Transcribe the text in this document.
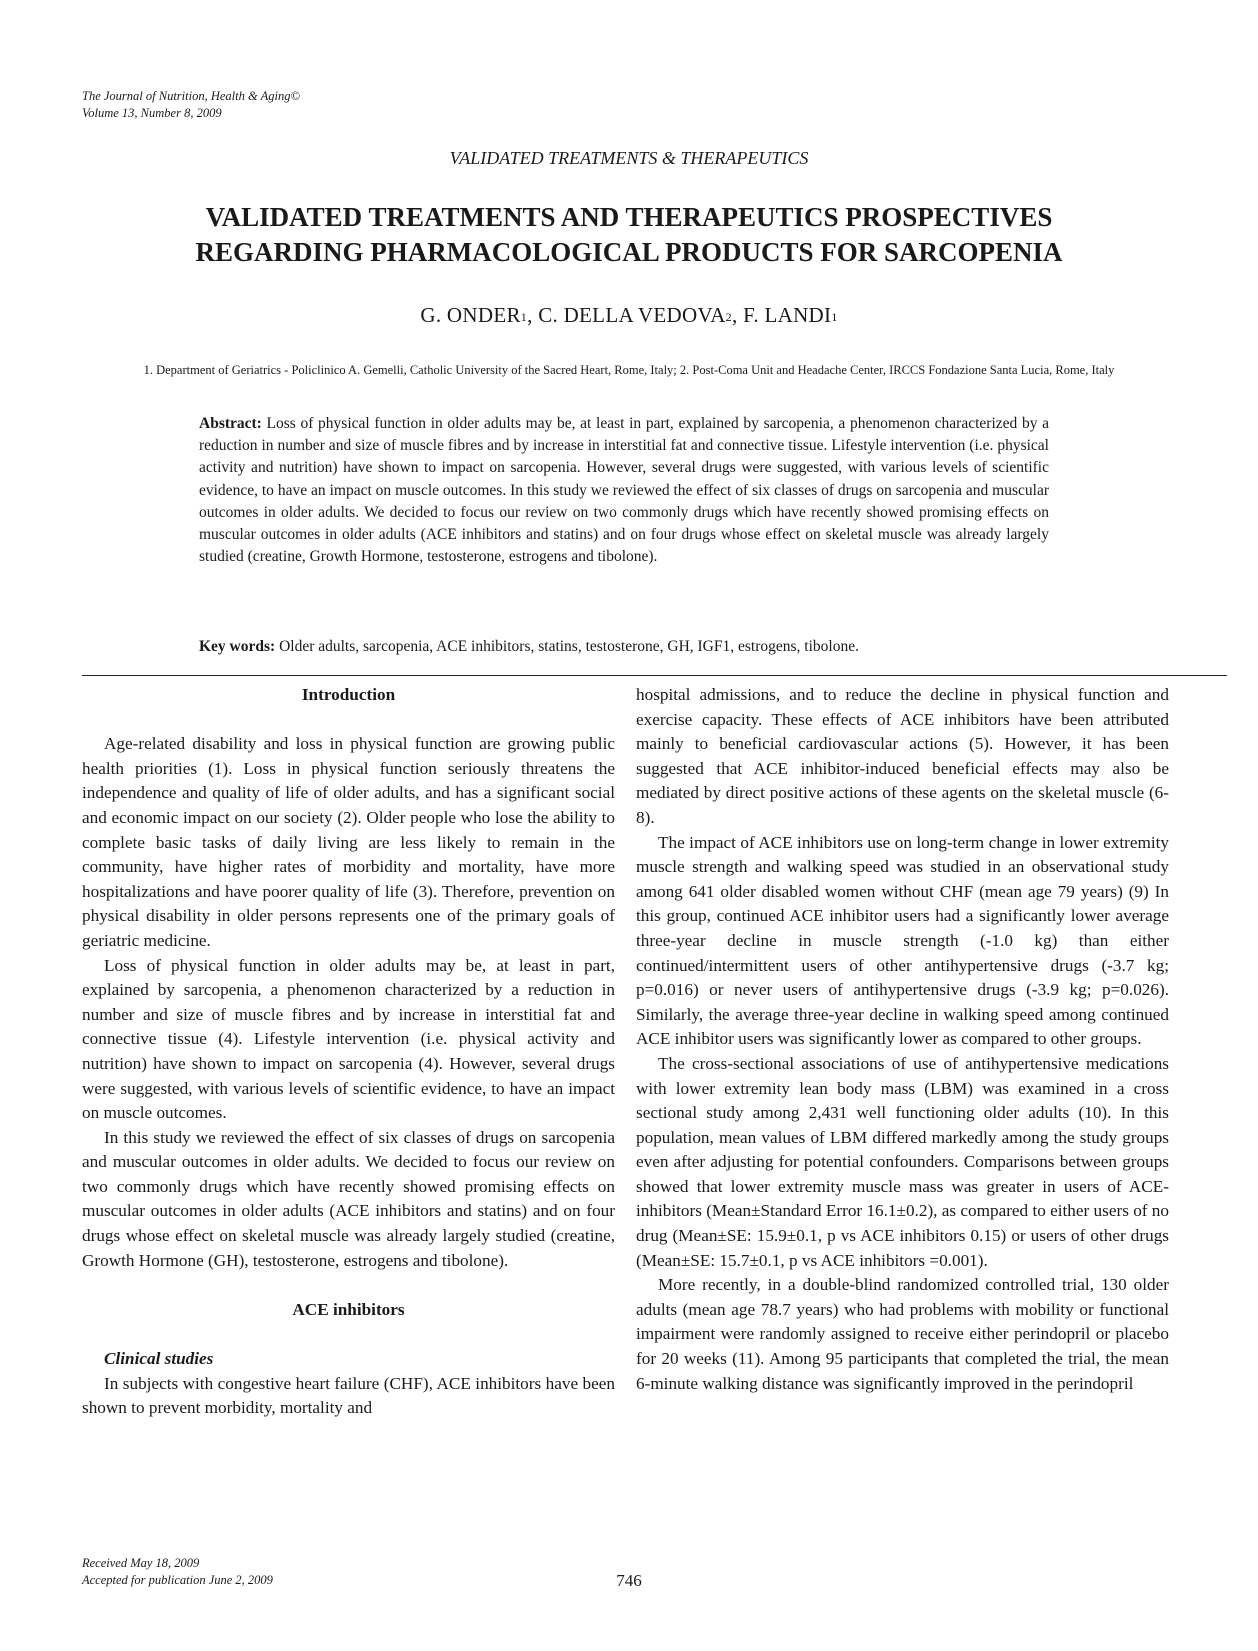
The Journal of Nutrition, Health & Aging©
Volume 13, Number 8, 2009
VALIDATED TREATMENTS & THERAPEUTICS
VALIDATED TREATMENTS AND THERAPEUTICS PROSPECTIVES
REGARDING PHARMACOLOGICAL PRODUCTS FOR SARCOPENIA
G. ONDER$^1$, C. DELLA VEDOVA$^2$, F. LANDI$^1$
1. Department of Geriatrics - Policlinico A. Gemelli, Catholic University of the Sacred Heart, Rome, Italy; 2. Post-Coma Unit and Headache Center, IRCCS Fondazione Santa Lucia, Rome, Italy
Abstract: Loss of physical function in older adults may be, at least in part, explained by sarcopenia, a phenomenon characterized by a reduction in number and size of muscle fibres and by increase in interstitial fat and connective tissue. Lifestyle intervention (i.e. physical activity and nutrition) have shown to impact on sarcopenia. However, several drugs were suggested, with various levels of scientific evidence, to have an impact on muscle outcomes. In this study we reviewed the effect of six classes of drugs on sarcopenia and muscular outcomes in older adults. We decided to focus our review on two commonly drugs which have recently showed promising effects on muscular outcomes in older adults (ACE inhibitors and statins) and on four drugs whose effect on skeletal muscle was already largely studied (creatine, Growth Hormone, testosterone, estrogens and tibolone).
Key words: Older adults, sarcopenia, ACE inhibitors, statins, testosterone, GH, IGF1, estrogens, tibolone.

Introduction

Age-related disability and loss in physical function are growing public health priorities (1). Loss in physical function seriously threatens the independence and quality of life of older adults, and has a significant social and economic impact on our society (2). Older people who lose the ability to complete basic tasks of daily living are less likely to remain in the community, have higher rates of morbidity and mortality, have more hospitalizations and have poorer quality of life (3). Therefore, prevention on physical disability in older persons represents one of the primary goals of geriatric medicine.

Loss of physical function in older adults may be, at least in part, explained by sarcopenia, a phenomenon characterized by a reduction in number and size of muscle fibres and by increase in interstitial fat and connective tissue (4). Lifestyle intervention (i.e. physical activity and nutrition) have shown to impact on sarcopenia (4). However, several drugs were suggested, with various levels of scientific evidence, to have an impact on muscle outcomes.

In this study we reviewed the effect of six classes of drugs on sarcopenia and muscular outcomes in older adults. We decided to focus our review on two commonly drugs which have recently showed promising effects on muscular outcomes in older adults (ACE inhibitors and statins) and on four drugs whose effect on skeletal muscle was already largely studied (creatine, Growth Hormone (GH), testosterone, estrogens and tibolone).

ACE inhibitors

Clinical studies

In subjects with congestive heart failure (CHF), ACE inhibitors have been shown to prevent morbidity, mortality and

hospital admissions, and to reduce the decline in physical function and exercise capacity. These effects of ACE inhibitors have been attributed mainly to beneficial cardiovascular actions (5). However, it has been suggested that ACE inhibitor-induced beneficial effects may also be mediated by direct positive actions of these agents on the skeletal muscle (6-8).

The impact of ACE inhibitors use on long-term change in lower extremity muscle strength and walking speed was studied in an observational study among 641 older disabled women without CHF (mean age 79 years) (9) In this group, continued ACE inhibitor users had a significantly lower average three-year decline in muscle strength (-1.0 kg) than either continued/intermittent users of other antihypertensive drugs (-3.7 kg; p=0.016) or never users of antihypertensive drugs (-3.9 kg; p=0.026). Similarly, the average three-year decline in walking speed among continued ACE inhibitor users was significantly lower as compared to other groups.

The cross-sectional associations of use of antihypertensive medications with lower extremity lean body mass (LBM) was examined in a cross sectional study among 2,431 well functioning older adults (10). In this population, mean values of LBM differed markedly among the study groups even after adjusting for potential confounders. Comparisons between groups showed that lower extremity muscle mass was greater in users of ACE-inhibitors (Mean±Standard Error 16.1±0.2), as compared to either users of no drug (Mean±SE: 15.9±0.1, p vs ACE inhibitors 0.15) or users of other drugs (Mean±SE: 15.7±0.1, p vs ACE inhibitors =0.001).

More recently, in a double-blind randomized controlled trial, 130 older adults (mean age 78.7 years) who had problems with mobility or functional impairment were randomly assigned to receive either perindopril or placebo for 20 weeks (11). Among 95 participants that completed the trial, the mean 6-minute walking distance was significantly improved in the perindopril

Received May 18, 2009
Accepted for publication June 2, 2009	746
